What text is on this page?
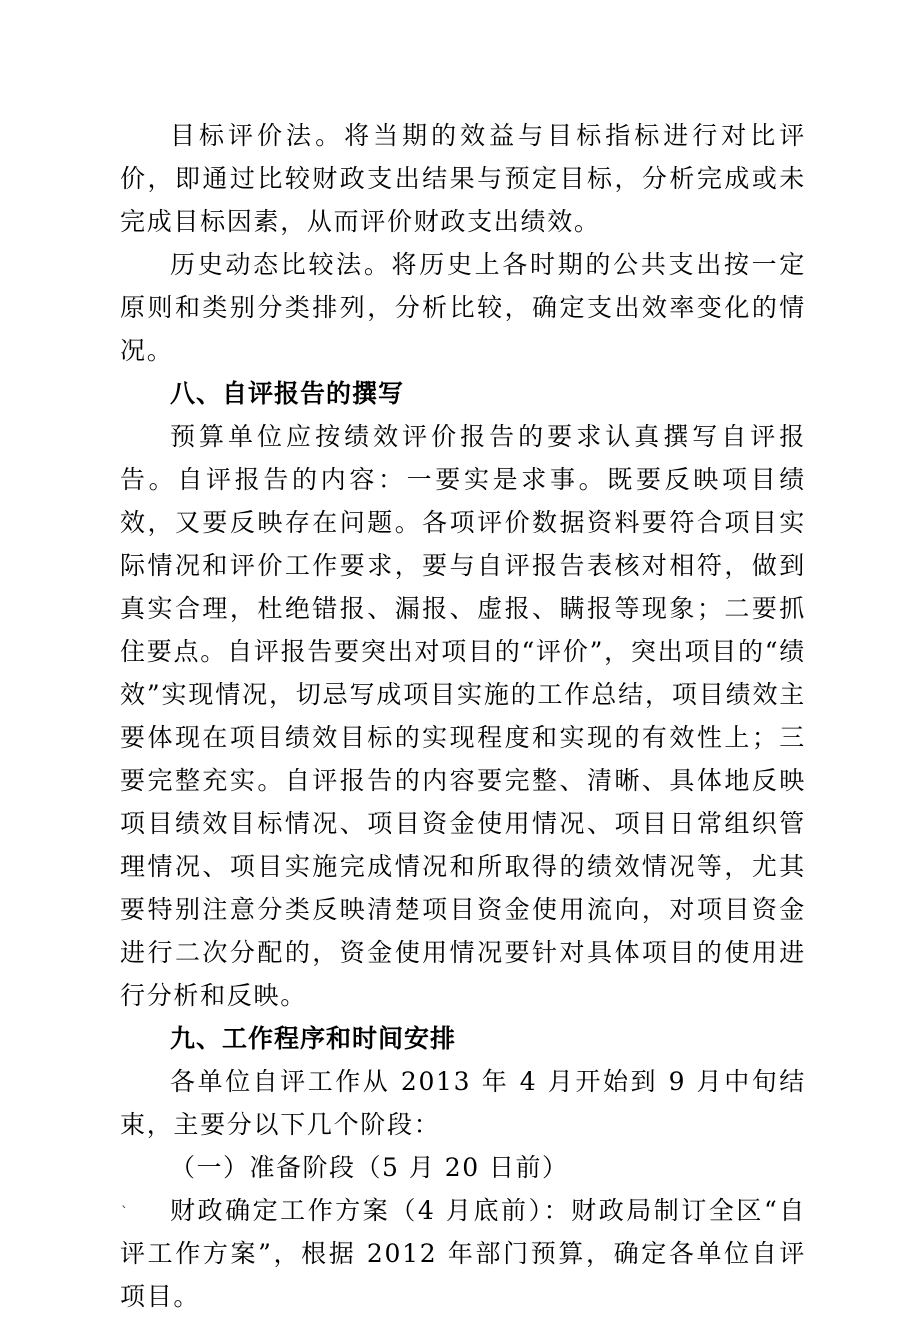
目标评价法。将当期的效益与目标指标进行对比评价，即通过比较财政支出结果与预定目标，分析完成或未完成目标因素，从而评价财政支出绩效。

历史动态比较法。将历史上各时期的公共支出按一定原则和类别分类排列，分析比较，确定支出效率变化的情况。

八、自评报告的撰写

预算单位应按绩效评价报告的要求认真撰写自评报告。自评报告的内容：一要实是求事。既要反映项目绩效，又要反映存在问题。各项评价数据资料要符合项目实际情况和评价工作要求，要与自评报告表核对相符，做到真实合理，杜绝错报、漏报、虚报、瞒报等现象；二要抓住要点。自评报告要突出对项目的“评价”，突出项目的“绩效”实现情况，切忌写成项目实施的工作总结，项目绩效主要体现在项目绩效目标的实现程度和实现的有效性上；三要完整充实。自评报告的内容要完整、清晰、具体地反映项目绩效目标情况、项目资金使用情况、项目日常组织管理情况、项目实施完成情况和所取得的绩效情况等，尤其要特别注意分类反映清楚项目资金使用流向，对项目资金进行二次分配的，资金使用情况要针对具体项目的使用进行分析和反映。

九、工作程序和时间安排

各单位自评工作从 2013 年 4 月开始到 9 月中旬结束，主要分以下几个阶段：

（一）准备阶段（5 月 20 日前）

财政确定工作方案（4 月底前）：财政局制订全区“自评工作方案”，根据 2012 年部门预算，确定各单位自评项目。

`
